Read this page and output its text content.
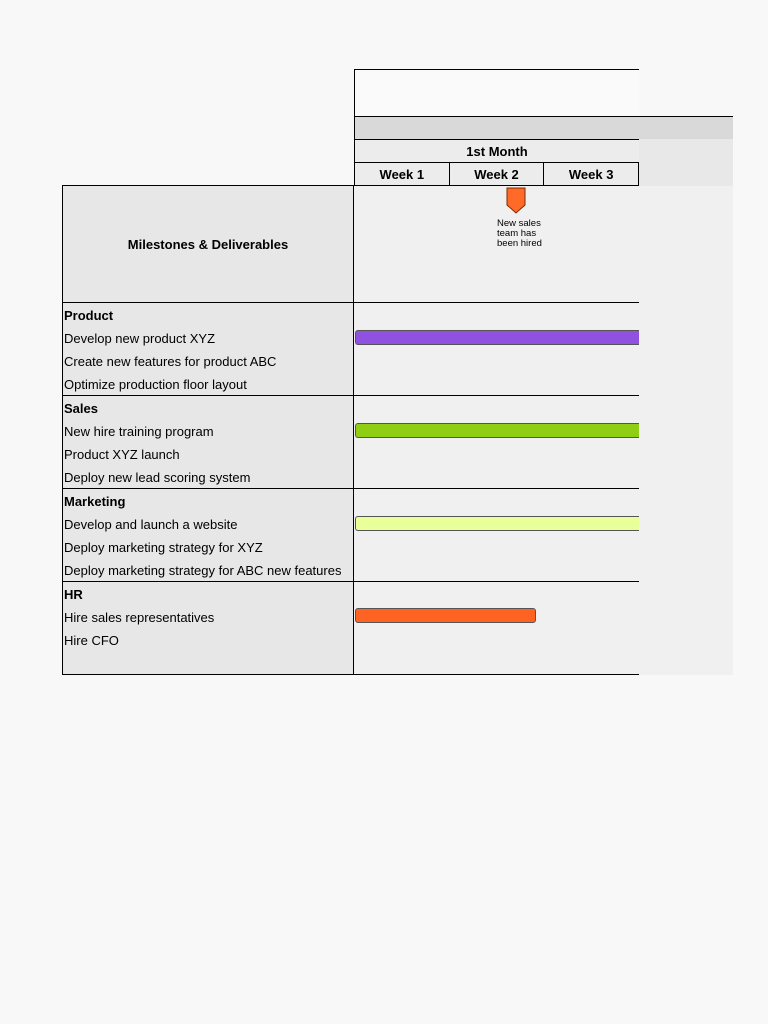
1st Month
Week 1	Week 2	Week 3
Milestones & Deliverables
New sales team has been hired
Product
Develop new product XYZ
Create new features for product ABC
Optimize production floor layout
Sales
New hire training program
Product XYZ launch
Deploy new lead scoring system
Marketing
Develop and launch a website
Deploy marketing strategy for XYZ
Deploy marketing strategy for ABC new features
HR
Hire sales representatives
Hire CFO
